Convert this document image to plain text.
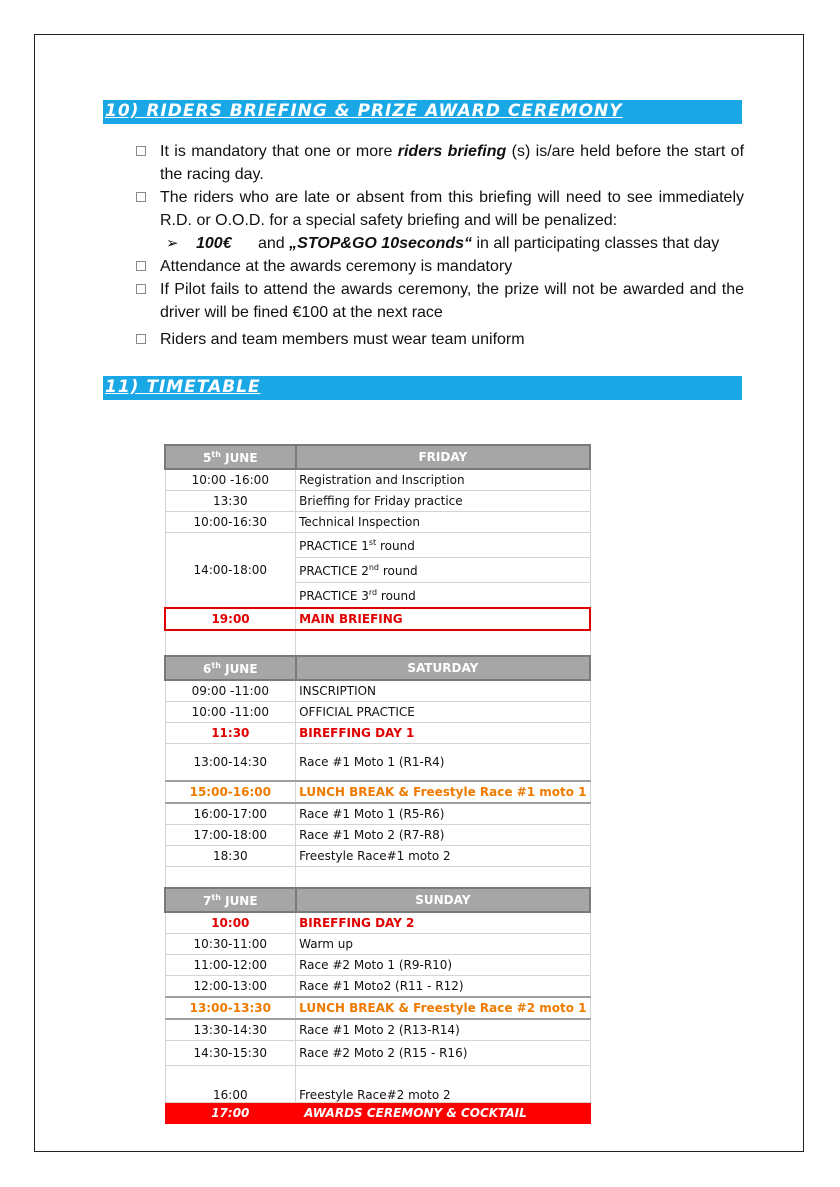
10) RIDERS BRIEFING & PRIZE AWARD CEREMONY
It is mandatory that one or more riders briefing (s) is/are held before the start of the racing day.
The riders who are late or absent from this briefing will need to see immediately R.D. or O.O.D. for a special safety briefing and will be penalized:
➢ 100€ and „STOP&GO 10seconds“ in all participating classes that day
Attendance at the awards ceremony is mandatory
If Pilot fails to attend the awards ceremony, the prize will not be awarded and the driver will be fined €100 at the next race
Riders and team members must wear team uniform
11) TIMETABLE
5th JUNE	FRIDAY
10:00 -16:00	Registration and Inscription
13:30	Brieffing for Friday practice
10:00-16:30	Technical Inspection
14:00-18:00	PRACTICE 1st round
	PRACTICE 2nd round
	PRACTICE 3rd round
19:00	MAIN BRIEFING

6th JUNE	SATURDAY
09:00 -11:00	INSCRIPTION
10:00 -11:00	OFFICIAL PRACTICE
11:30	BIREFFING DAY 1
13:00-14:30	Race #1 Moto 1 (R1-R4)
15:00-16:00	LUNCH BREAK & Freestyle Race #1 moto 1
16:00-17:00	Race #1 Moto 1 (R5-R6)
17:00-18:00	Race #1 Moto 2 (R7-R8)
18:30	Freestyle Race#1 moto 2

7th JUNE	SUNDAY
10:00	BIREFFING DAY 2
10:30-11:00	Warm up
11:00-12:00	Race #2 Moto 1 (R9-R10)
12:00-13:00	Race #1 Moto2 (R11 - R12)
13:00-13:30	LUNCH BREAK & Freestyle Race #2 moto 1
13:30-14:30	Race #1 Moto 2 (R13-R14)
14:30-15:30	Race #2 Moto 2 (R15 - R16)
16:00	Freestyle Race#2 moto 2
17:00	AWARDS CEREMONY & COCKTAIL
